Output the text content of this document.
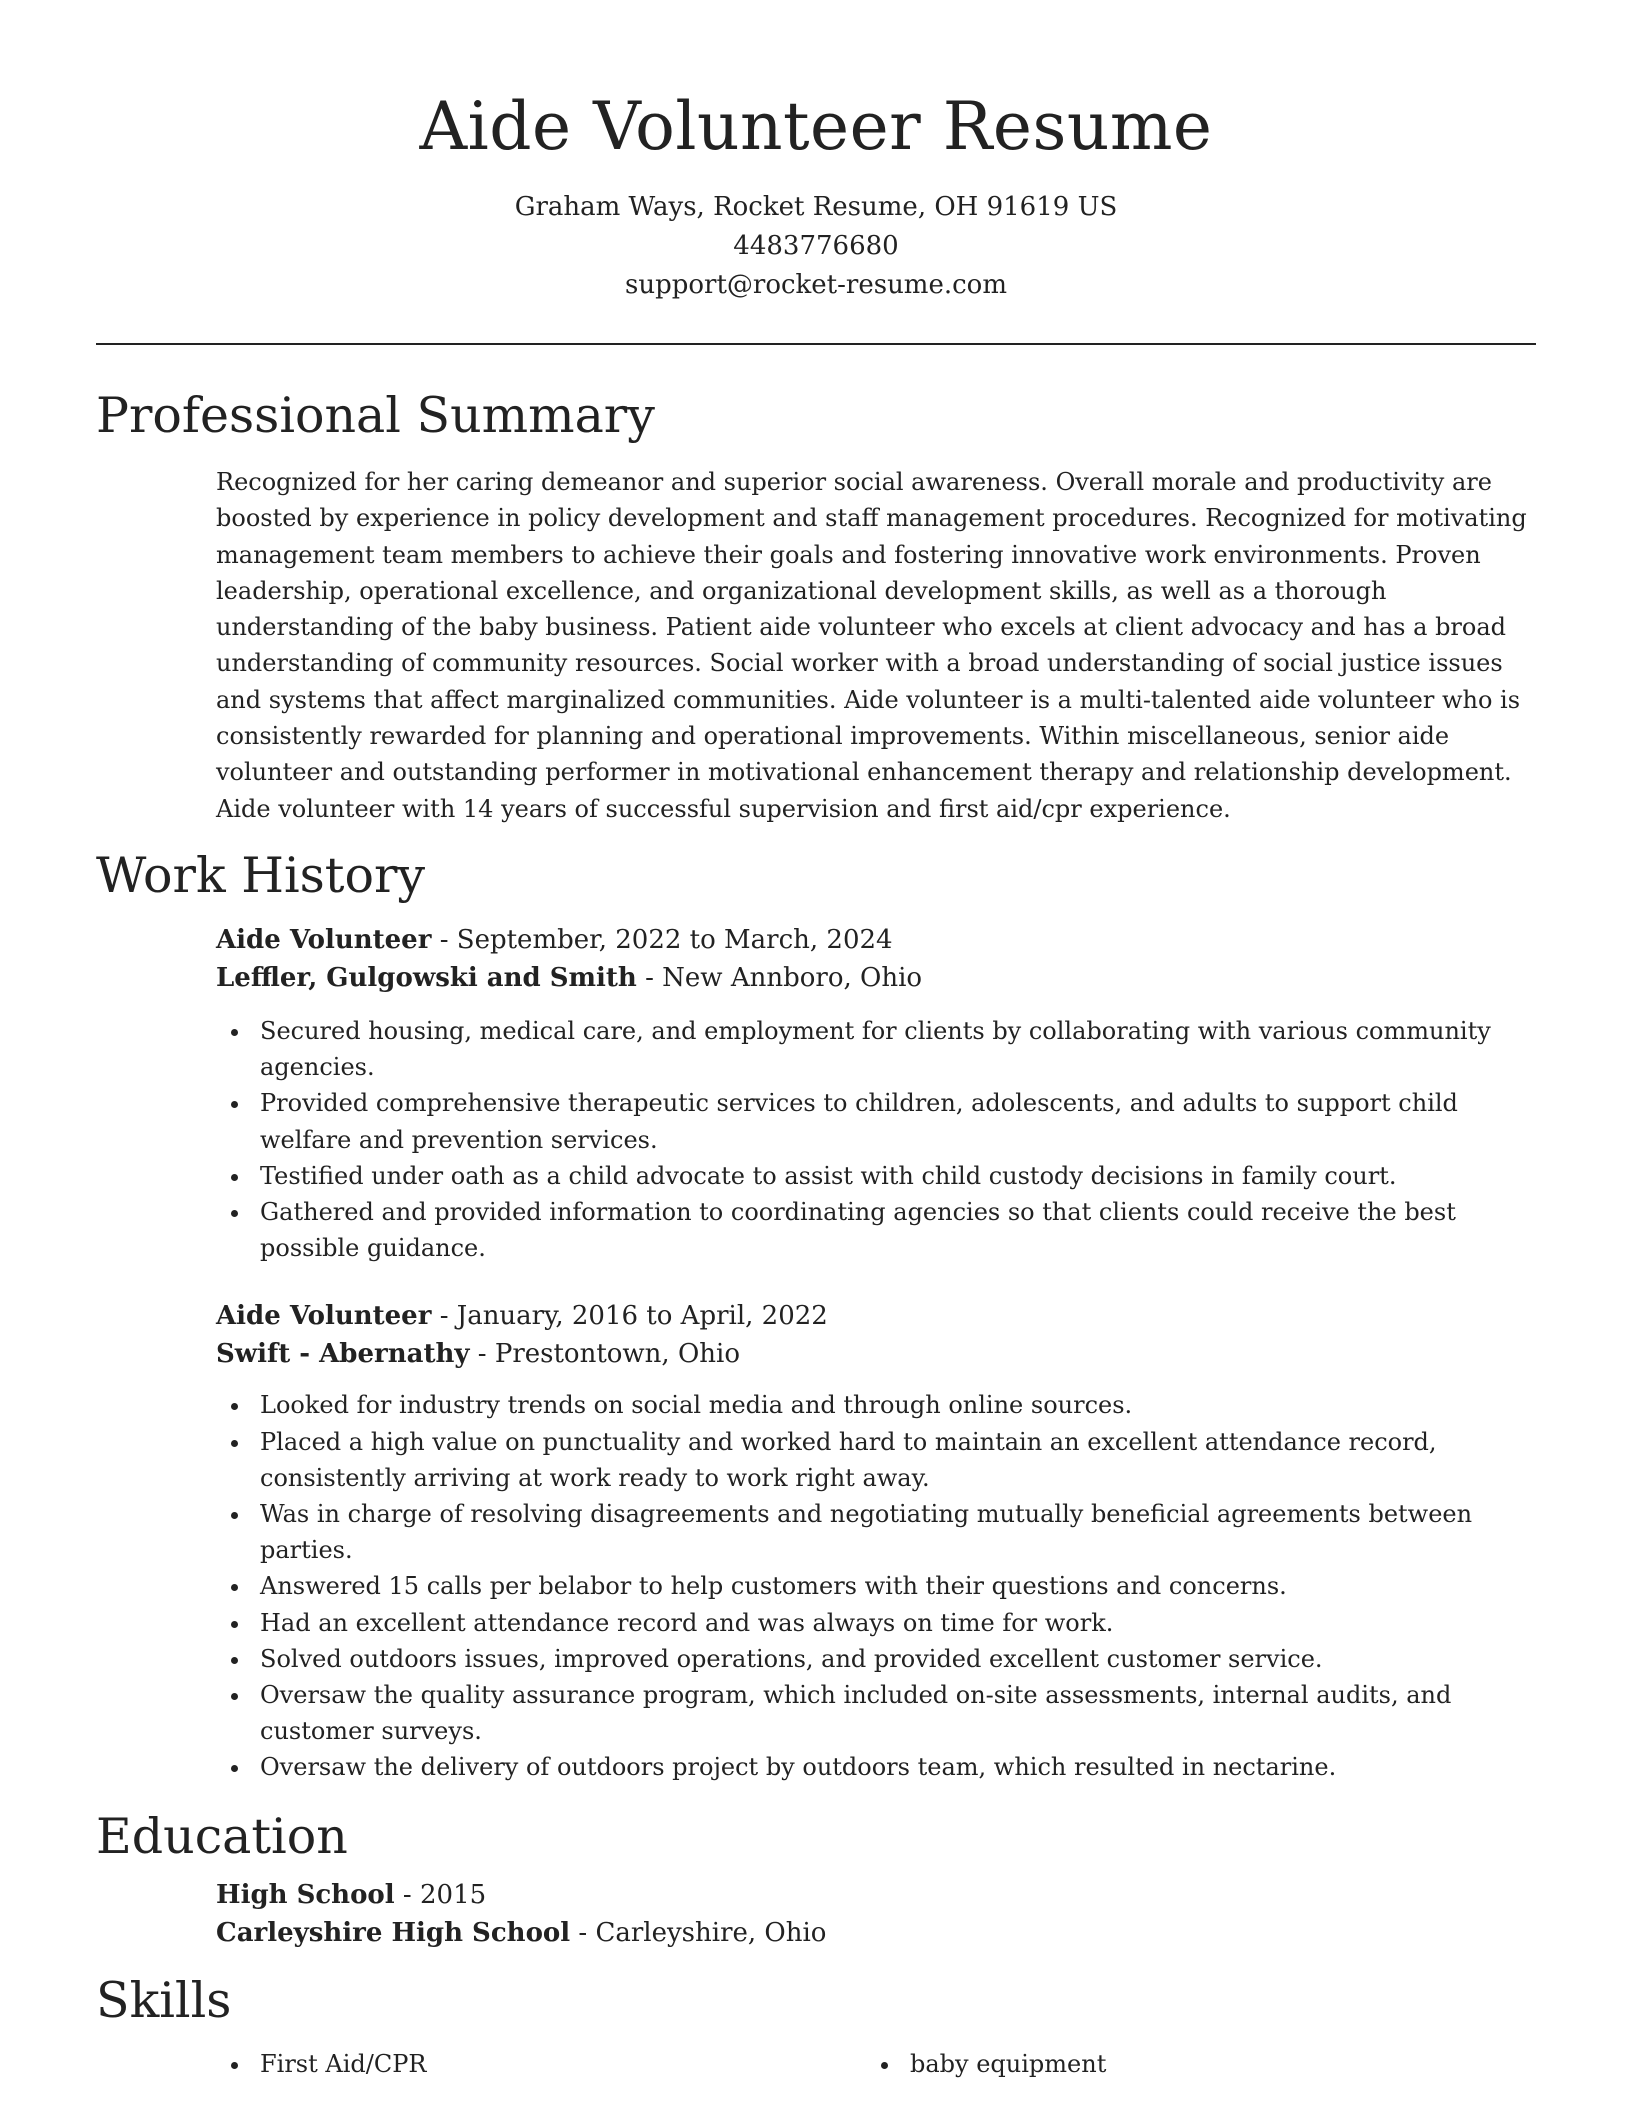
Aide Volunteer Resume
Graham Ways, Rocket Resume, OH 91619 US
4483776680
support@rocket-resume.com
Professional Summary
Recognized for her caring demeanor and superior social awareness. Overall morale and productivity are boosted by experience in policy development and staff management procedures. Recognized for motivating management team members to achieve their goals and fostering innovative work environments. Proven leadership, operational excellence, and organizational development skills, as well as a thorough understanding of the baby business. Patient aide volunteer who excels at client advocacy and has a broad understanding of community resources. Social worker with a broad understanding of social justice issues and systems that affect marginalized communities. Aide volunteer is a multi-talented aide volunteer who is consistently rewarded for planning and operational improvements. Within miscellaneous, senior aide volunteer and outstanding performer in motivational enhancement therapy and relationship development. Aide volunteer with 14 years of successful supervision and first aid/cpr experience.
Work History
Aide Volunteer - September, 2022 to March, 2024
Leffler, Gulgowski and Smith - New Annboro, Ohio
Secured housing, medical care, and employment for clients by collaborating with various community agencies.
Provided comprehensive therapeutic services to children, adolescents, and adults to support child welfare and prevention services.
Testified under oath as a child advocate to assist with child custody decisions in family court.
Gathered and provided information to coordinating agencies so that clients could receive the best possible guidance.
Aide Volunteer - January, 2016 to April, 2022
Swift - Abernathy - Prestontown, Ohio
Looked for industry trends on social media and through online sources.
Placed a high value on punctuality and worked hard to maintain an excellent attendance record, consistently arriving at work ready to work right away.
Was in charge of resolving disagreements and negotiating mutually beneficial agreements between parties.
Answered 15 calls per belabor to help customers with their questions and concerns.
Had an excellent attendance record and was always on time for work.
Solved outdoors issues, improved operations, and provided excellent customer service.
Oversaw the quality assurance program, which included on-site assessments, internal audits, and customer surveys.
Oversaw the delivery of outdoors project by outdoors team, which resulted in nectarine.
Education
High School - 2015
Carleyshire High School - Carleyshire, Ohio
Skills
First Aid/CPR	baby equipment
